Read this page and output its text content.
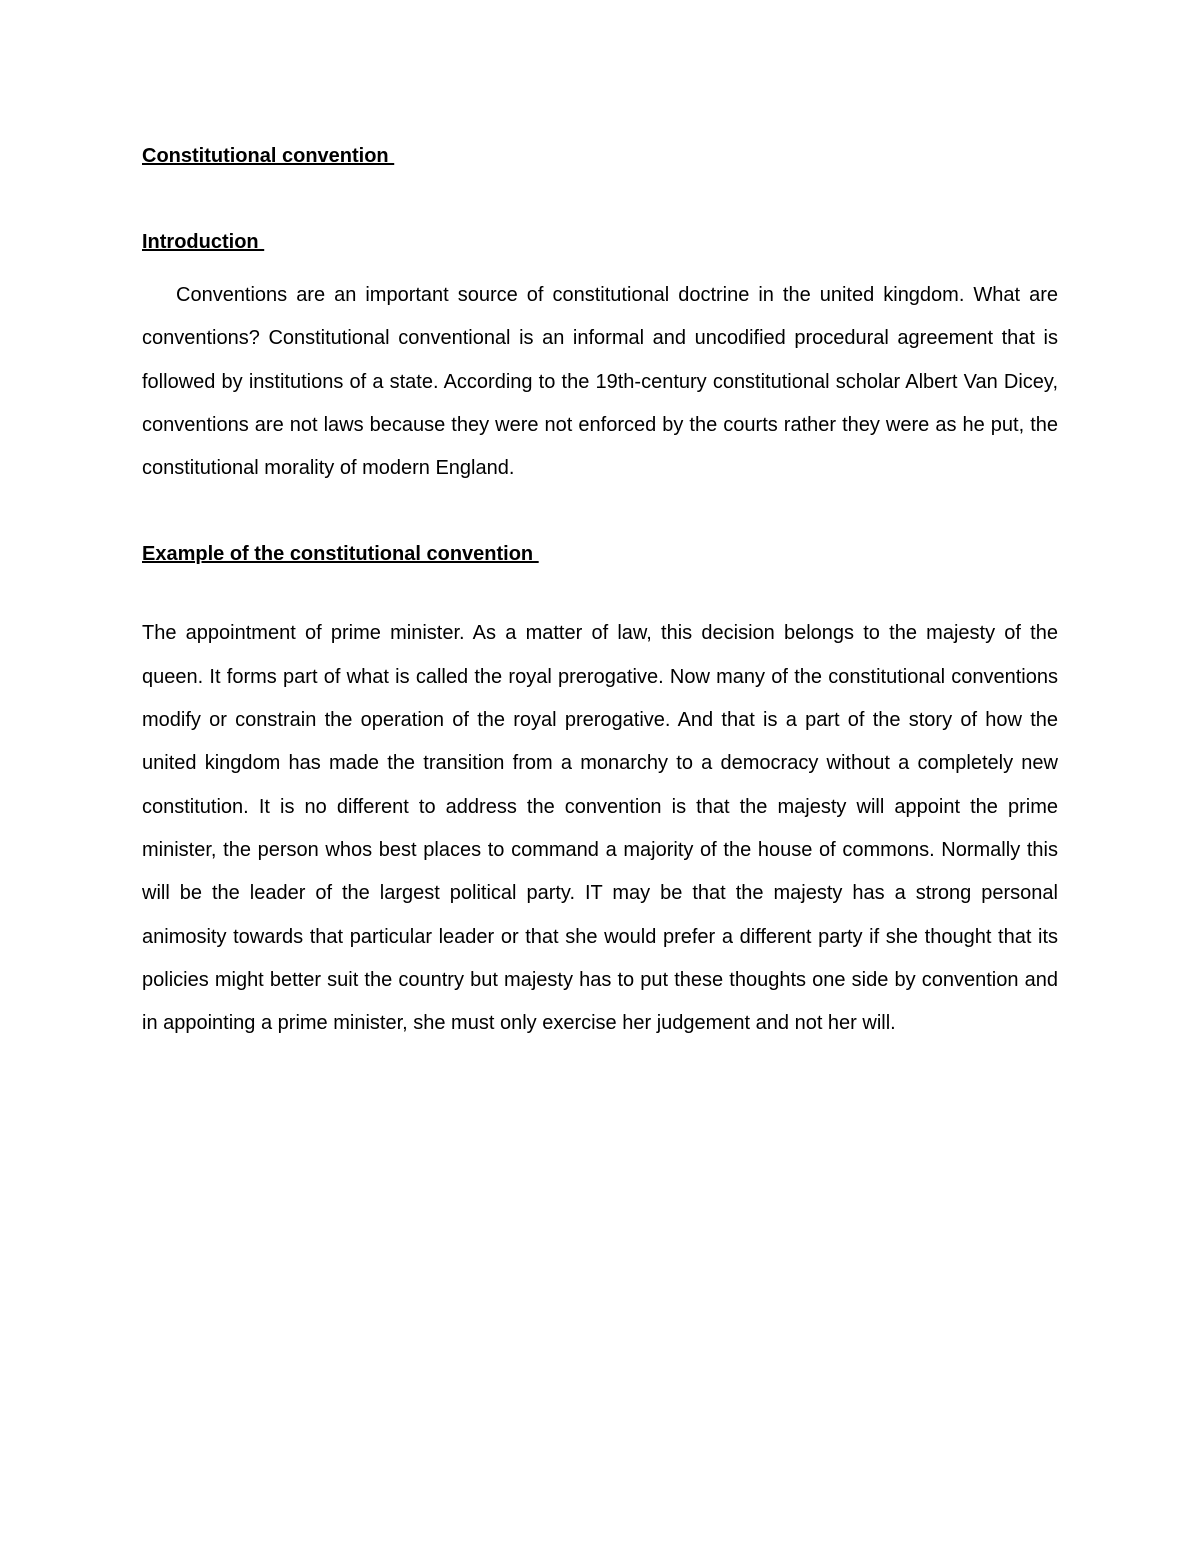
Constitutional convention

Introduction

Conventions are an important source of constitutional doctrine in the united kingdom. What are conventions? Constitutional conventional is an informal and uncodified procedural agreement that is followed by institutions of a state. According to the 19th-century constitutional scholar Albert Van Dicey, conventions are not laws because they were not enforced by the courts rather they were as he put, the constitutional morality of modern England.

Example of the constitutional convention

The appointment of prime minister. As a matter of law, this decision belongs to the majesty of the queen. It forms part of what is called the royal prerogative. Now many of the constitutional conventions modify or constrain the operation of the royal prerogative. And that is a part of the story of how the united kingdom has made the transition from a monarchy to a democracy without a completely new constitution. It is no different to address the convention is that the majesty will appoint the prime minister, the person whos best places to command a majority of the house of commons. Normally this will be the leader of the largest political party. IT may be that the majesty has a strong personal animosity towards that particular leader or that she would prefer a different party if she thought that its policies might better suit the country but majesty has to put these thoughts one side by convention and in appointing a prime minister, she must only exercise her judgement and not her will.
